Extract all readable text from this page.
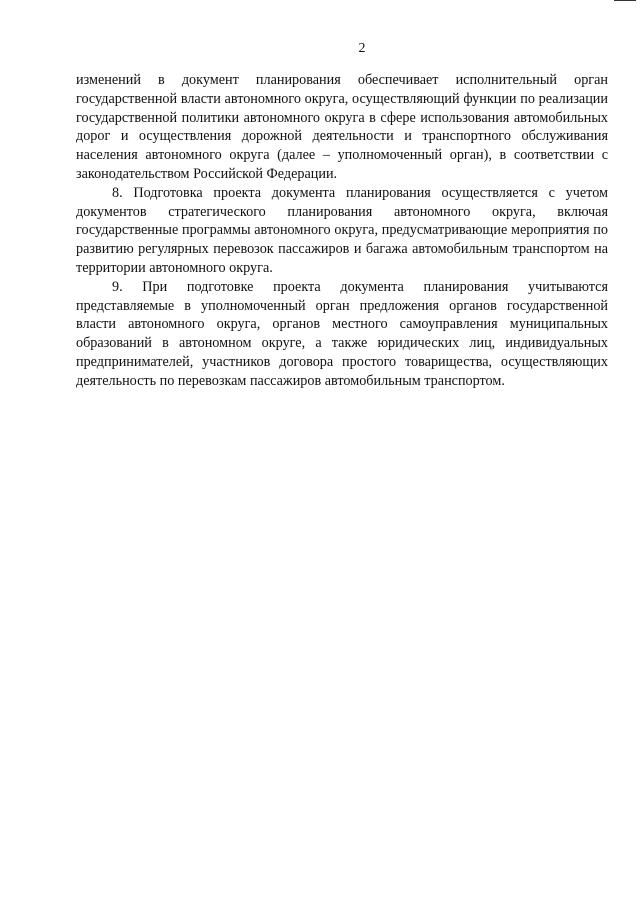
2

изменений в документ планирования обеспечивает исполнительный орган государственной власти автономного округа, осуществляющий функции по реализации государственной политики автономного округа в сфере использования автомобильных дорог и осуществления дорожной деятельности и транспортного обслуживания населения автономного округа (далее – уполномоченный орган), в соответствии с законодательством Российской Федерации.

8. Подготовка проекта документа планирования осуществляется с учетом документов стратегического планирования автономного округа, включая государственные программы автономного округа, предусматривающие мероприятия по развитию регулярных перевозок пассажиров и багажа автомобильным транспортом на территории автономного округа.

9. При подготовке проекта документа планирования учитываются представляемые в уполномоченный орган предложения органов государственной власти автономного округа, органов местного самоуправления муниципальных образований в автономном округе, а также юридических лиц, индивидуальных предпринимателей, участников договора простого товарищества, осуществляющих деятельность по перевозкам пассажиров автомобильным транспортом.
